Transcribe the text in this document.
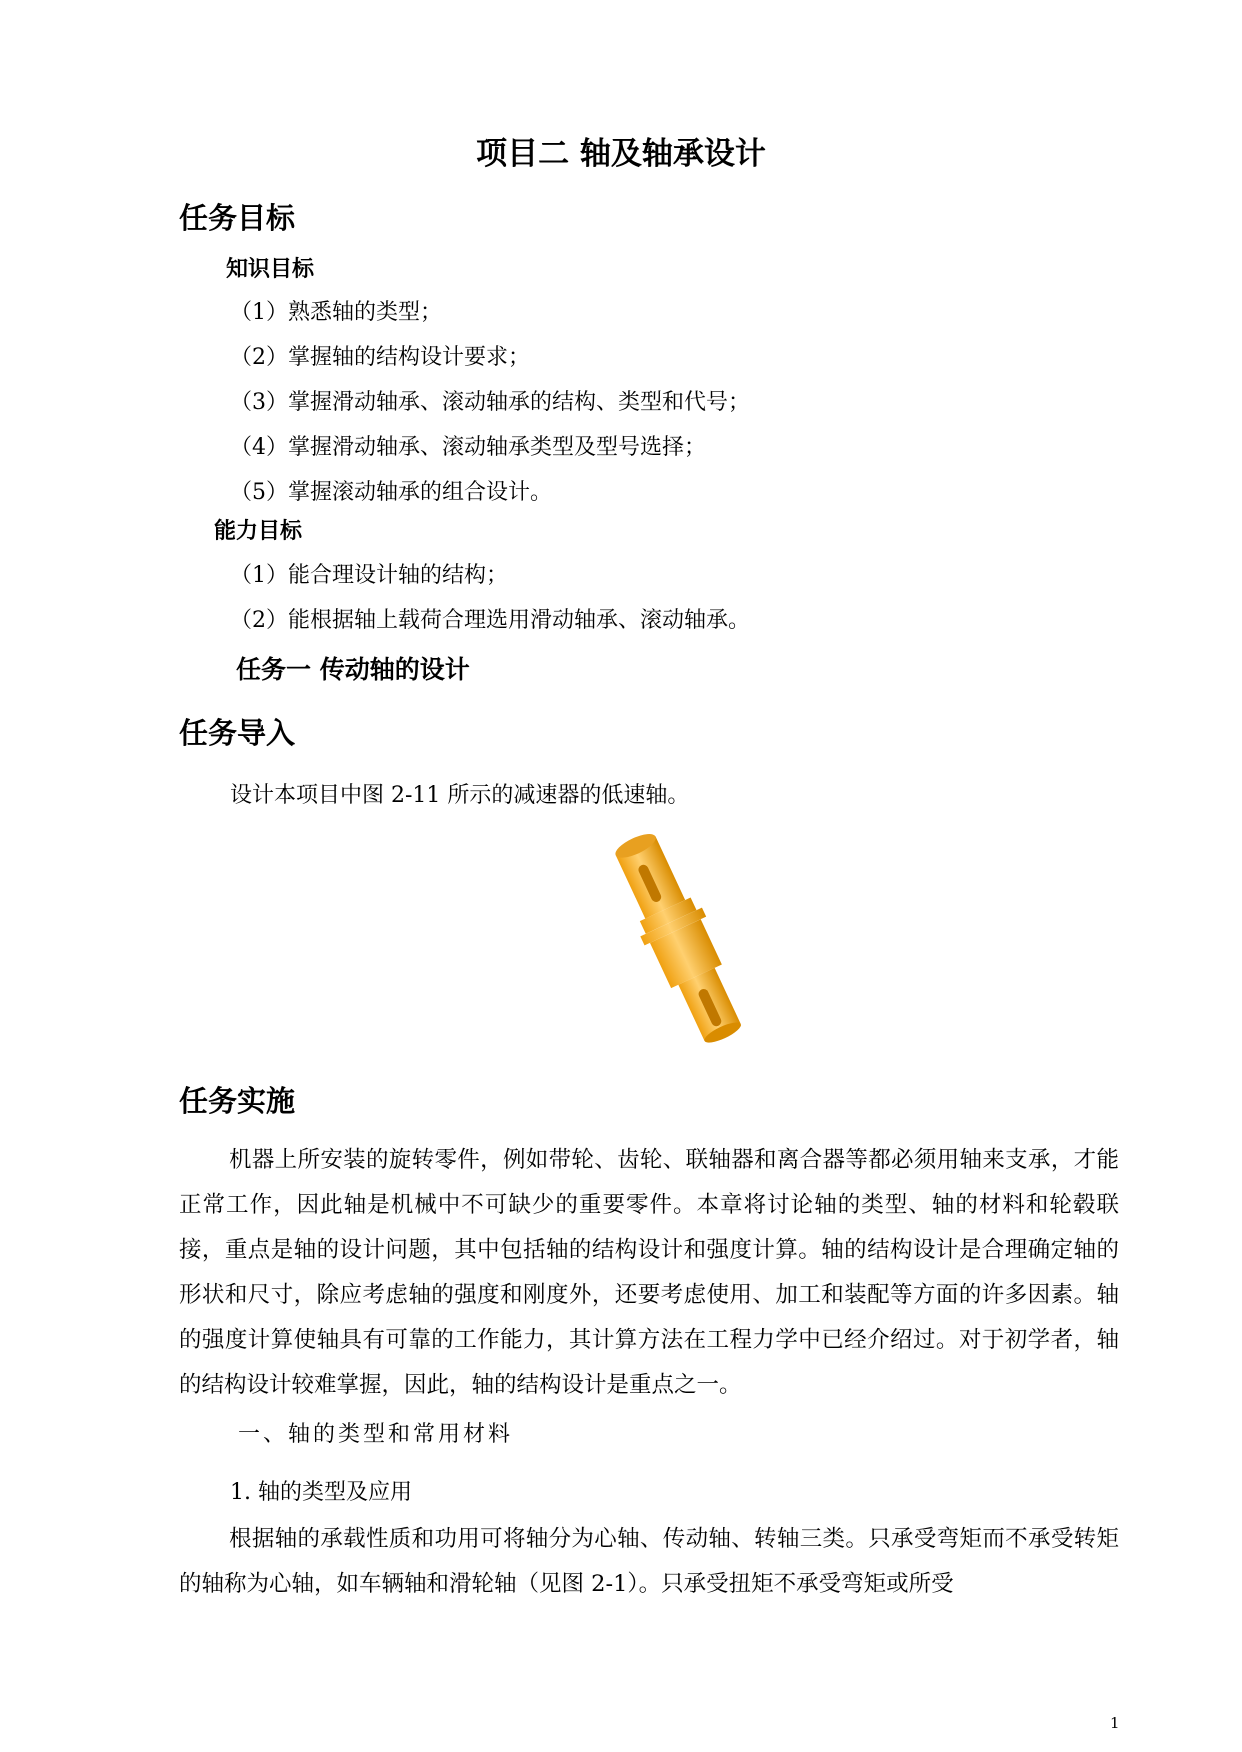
项目二 轴及轴承设计
任务目标
知识目标
（1）熟悉轴的类型；
（2）掌握轴的结构设计要求；
（3）掌握滑动轴承、滚动轴承的结构、类型和代号；
（4）掌握滑动轴承、滚动轴承类型及型号选择；
（5）掌握滚动轴承的组合设计。
能力目标
（1）能合理设计轴的结构；
（2）能根据轴上载荷合理选用滑动轴承、滚动轴承。
任务一 传动轴的设计
任务导入
设计本项目中图 2-11 所示的减速器的低速轴。
任务实施

机器上所安装的旋转零件，例如带轮、齿轮、联轴器和离合器等都必须用轴来支承，才能正常工作，因此轴是机械中不可缺少的重要零件。本章将讨论轴的类型、轴的材料和轮毂联接，重点是轴的设计问题，其中包括轴的结构设计和强度计算。轴的结构设计是合理确定轴的形状和尺寸，除应考虑轴的强度和刚度外，还要考虑使用、加工和装配等方面的许多因素。轴的强度计算使轴具有可靠的工作能力，其计算方法在工程力学中已经介绍过。对于初学者，轴的结构设计较难掌握，因此，轴的结构设计是重点之一。

一、轴的类型和常用材料
1. 轴的类型及应用

根据轴的承载性质和功用可将轴分为心轴、传动轴、转轴三类。只承受弯矩而不承受转矩的轴称为心轴，如车辆轴和滑轮轴（见图 2-1）。只承受扭矩不承受弯矩或所受

1
